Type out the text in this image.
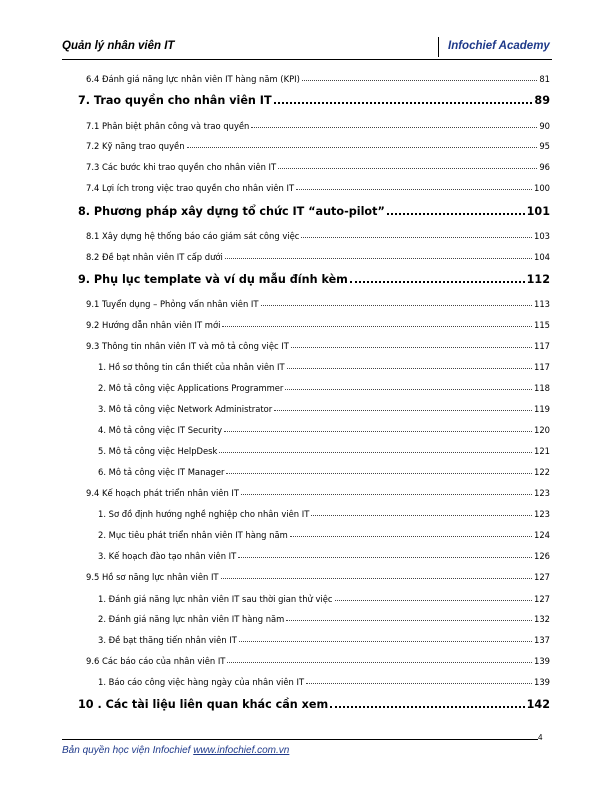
Quản lý nhân viên IT	Infochief Academy
6.4 Đánh giá năng lực nhân viên IT hàng năm (KPI)	81
7. Trao quyền cho nhân viên IT	89
7.1 Phân biệt phân công và trao quyền	90
7.2 Kỹ năng trao quyền	95
7.3 Các bước khi trao quyền cho nhân viên IT	96
7.4 Lợi ích trong việc trao quyền cho nhân viên IT	100
8. Phương pháp xây dựng tổ chức IT “auto-pilot”	101
8.1 Xây dựng hệ thống báo cáo giám sát công việc	103
8.2 Đề bạt nhân viên IT cấp dưới	104
9. Phụ lục template và ví dụ mẫu đính kèm	112
9.1 Tuyển dụng – Phỏng vấn nhân viên IT	113
9.2 Hướng dẫn nhân viên IT mới	115
9.3 Thông tin nhân viên IT và mô tả công việc IT	117
1. Hồ sơ thông tin cần thiết của nhân viên IT	117
2. Mô tả công việc Applications Programmer	118
3. Mô tả công việc Network Administrator	119
4. Mô tả công việc IT Security	120
5. Mô tả công việc HelpDesk	121
6. Mô tả công việc IT Manager	122
9.4 Kế hoạch phát triển nhân viên IT	123
1. Sơ đồ định hướng nghề nghiệp cho nhân viên IT	123
2. Mục tiêu phát triển nhân viên IT hàng năm	124
3. Kế hoạch đào tạo nhân viên IT	126
9.5 Hồ sơ năng lực nhân viên IT	127
1. Đánh giá năng lực nhân viên IT sau thời gian thử việc	127
2. Đánh giá năng lực nhân viên IT hàng năm	132
3. Đề bạt thăng tiến nhân viên IT	137
9.6 Các báo cáo của nhân viên IT	139
1. Báo cáo công việc hàng ngày của nhân viên IT	139
10 . Các tài liệu liên quan khác cần xem	142
4
Bản quyền học viện Infochief www.infochief.com.vn
